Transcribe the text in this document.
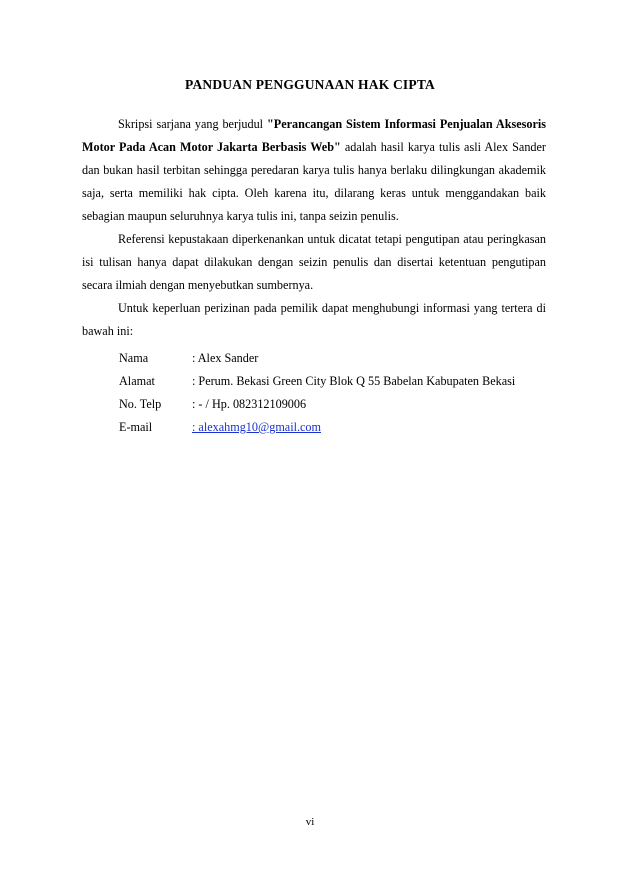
PANDUAN PENGGUNAAN HAK CIPTA

Skripsi sarjana yang berjudul "Perancangan Sistem Informasi Penjualan Aksesoris Motor Pada Acan Motor Jakarta Berbasis Web" adalah hasil karya tulis asli Alex Sander dan bukan hasil terbitan sehingga peredaran karya tulis hanya berlaku dilingkungan akademik saja, serta memiliki hak cipta. Oleh karena itu, dilarang keras untuk menggandakan baik sebagian maupun seluruhnya karya tulis ini, tanpa seizin penulis.

Referensi kepustakaan diperkenankan untuk dicatat tetapi pengutipan atau peringkasan isi tulisan hanya dapat dilakukan dengan seizin penulis dan disertai ketentuan pengutipan secara ilmiah dengan menyebutkan sumbernya.

Untuk keperluan perizinan pada pemilik dapat menghubungi informasi yang tertera di bawah ini:

Nama	: Alex Sander
Alamat	: Perum. Bekasi Green City Blok Q 55 Babelan Kabupaten Bekasi
No. Telp	: - / Hp. 082312109006
E-mail	: alexahmg10@gmail.com
vi
